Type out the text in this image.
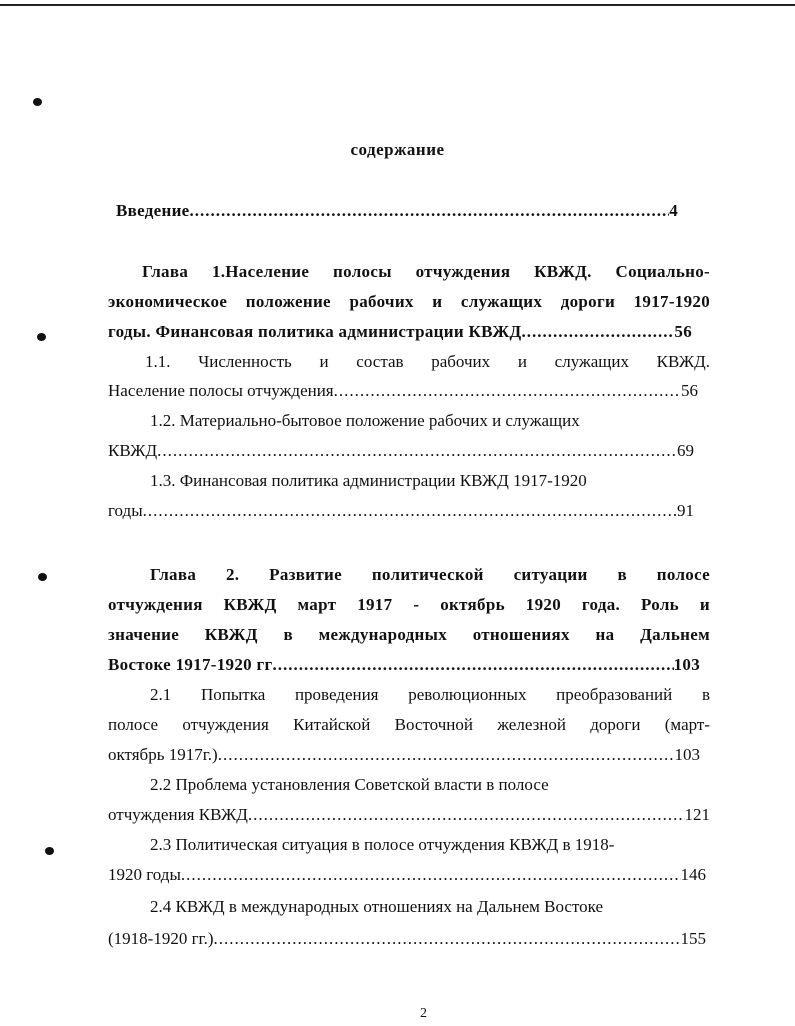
содержание
Введение .....	4
Глава 1.Население полосы отчуждения КВЖД. Социально-
экономическое положение рабочих и служащих дороги 1917-1920
годы. Финансовая политика администрации КВЖД .....	56
1.1. Численность и состав рабочих и служащих КВЖД.
Население полосы отчуждения .....	56
1.2. Материально-бытовое положение рабочих и служащих
КВЖД .....	69
1.3. Финансовая политика администрации КВЖД 1917-1920
годы .....	91
Глава 2. Развитие политической ситуации в полосе
отчуждения КВЖД март 1917 - октябрь 1920 года. Роль и
значение КВЖД в международных отношениях на Дальнем
Востоке 1917-1920 гг .....	103
2.1 Попытка проведения революционных преобразований в
полосе отчуждения Китайской Восточной железной дороги (март-
октябрь 1917г.) .....	103
2.2 Проблема установления Советской власти в полосе
отчуждения КВЖД .....	121
2.3 Политическая ситуация в полосе отчуждения КВЖД в 1918-
1920 годы .....	146
2.4 КВЖД в международных отношениях на Дальнем Востоке
(1918-1920 гг.) .....	155
2
